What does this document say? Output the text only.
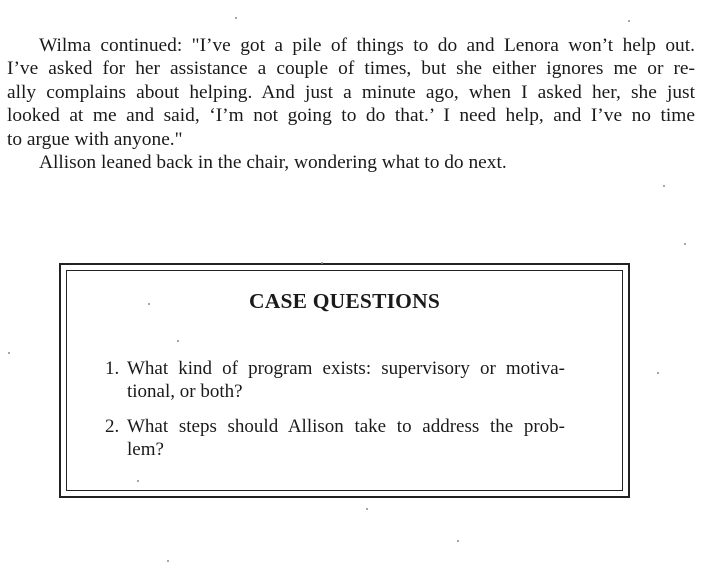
Wilma continued: "I’ve got a pile of things to do and Lenora won’t help out.
I’ve asked for her assistance a couple of times, but she either ignores me or re-
ally complains about helping. And just a minute ago, when I asked her, she just
looked at me and said, ‘I’m not going to do that.’ I need help, and I’ve no time
to argue with anyone."

Allison leaned back in the chair, wondering what to do next.

CASE QUESTIONS
1. What kind of program exists: supervisory or motiva-
tional, or both?
2. What steps should Allison take to address the prob-
lem?
